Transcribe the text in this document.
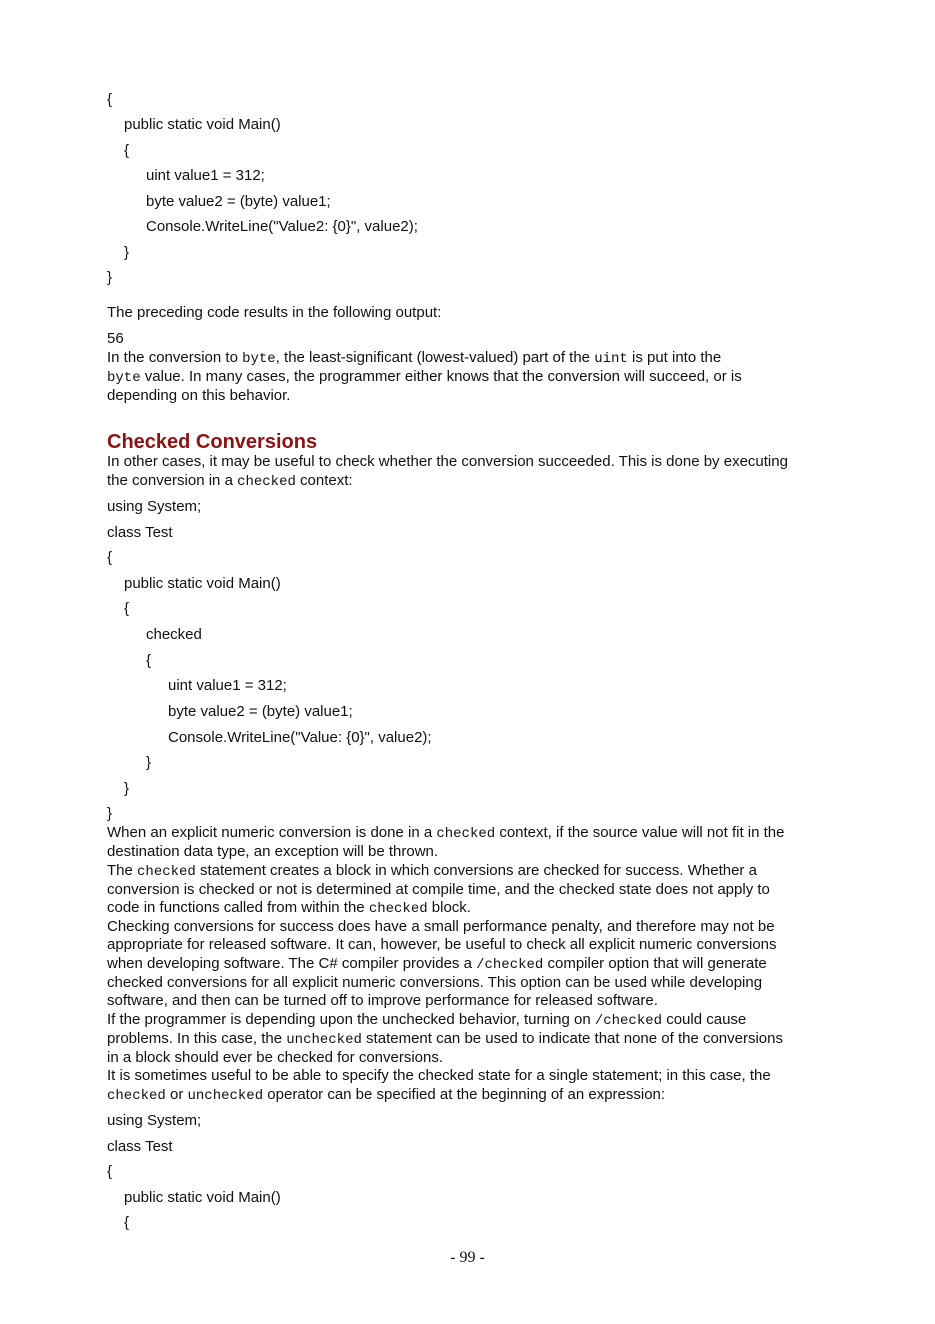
{
public static void Main()
{
uint value1 = 312;
byte value2 = (byte) value1;
Console.WriteLine("Value2: {0}", value2);
}
}
The preceding code results in the following output:
56
In the conversion to byte, the least-significant (lowest-valued) part of the uint is put into the
byte value. In many cases, the programmer either knows that the conversion will succeed, or is
depending on this behavior.
Checked Conversions
In other cases, it may be useful to check whether the conversion succeeded. This is done by executing
the conversion in a checked context:
using System;
class Test
{
public static void Main()
{
checked
{
uint value1 = 312;
byte value2 = (byte) value1;
Console.WriteLine("Value: {0}", value2);
}
}
}
When an explicit numeric conversion is done in a checked context, if the source value will not fit in the
destination data type, an exception will be thrown.
The checked statement creates a block in which conversions are checked for success. Whether a
conversion is checked or not is determined at compile time, and the checked state does not apply to
code in functions called from within the checked block.
Checking conversions for success does have a small performance penalty, and therefore may not be
appropriate for released software. It can, however, be useful to check all explicit numeric conversions
when developing software. The C# compiler provides a /checked compiler option that will generate
checked conversions for all explicit numeric conversions. This option can be used while developing
software, and then can be turned off to improve performance for released software.
If the programmer is depending upon the unchecked behavior, turning on /checked could cause
problems. In this case, the unchecked statement can be used to indicate that none of the conversions
in a block should ever be checked for conversions.
It is sometimes useful to be able to specify the checked state for a single statement; in this case, the
checked or unchecked operator can be specified at the beginning of an expression:
using System;
class Test
{
public static void Main()
{
- 99 -
